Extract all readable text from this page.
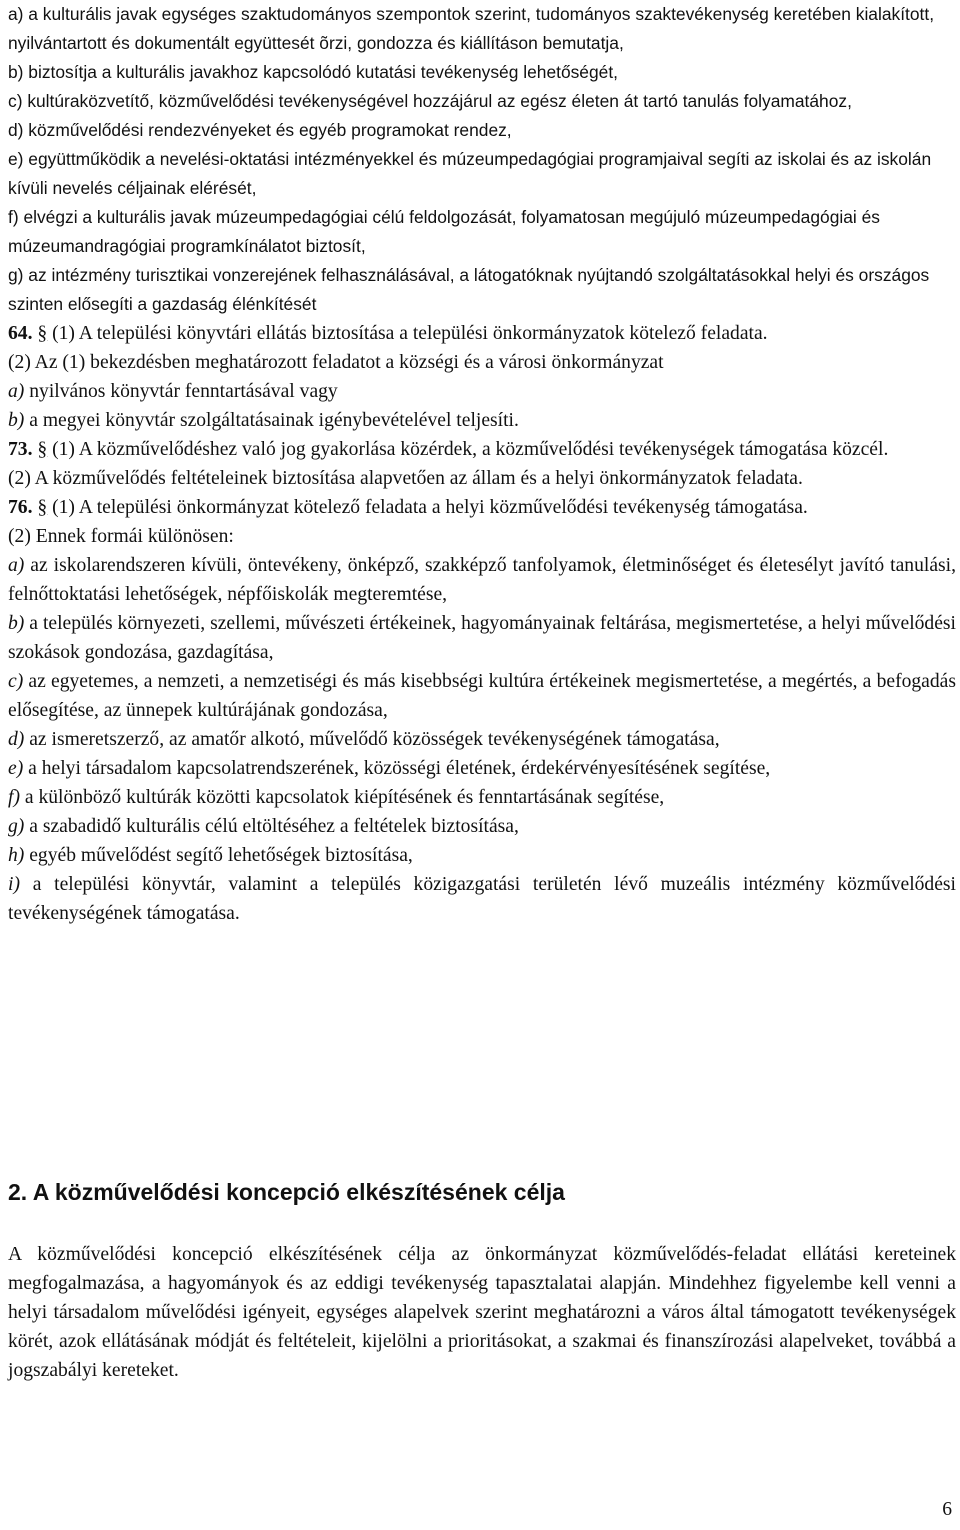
a) a kulturális javak egységes szaktudományos szempontok szerint, tudományos szaktevékenység keretében kialakított, nyilvántartott és dokumentált együttesét õrzi, gondozza és kiállításon bemutatja,

b) biztosítja a kulturális javakhoz kapcsolódó kutatási tevékenység lehetőségét,

c) kultúraközvetítő, közművelődési tevékenységével hozzájárul az egész életen át tartó tanulás folyamatához,

d) közművelődési rendezvényeket és egyéb programokat rendez,

e) együttműködik a nevelési-oktatási intézményekkel és múzeumpedagógiai programjaival segíti az iskolai és az iskolán kívüli nevelés céljainak elérését,

f) elvégzi a kulturális javak múzeumpedagógiai célú feldolgozását, folyamatosan megújuló múzeumpedagógiai és múzeumandragógiai programkínálatot biztosít,

g) az intézmény turisztikai vonzerejének felhasználásával, a látogatóknak nyújtandó szolgáltatásokkal helyi és országos szinten elősegíti a gazdaság élénkítését

64. § (1) A települési könyvtári ellátás biztosítása a települési önkormányzatok kötelező feladata.

(2) Az (1) bekezdésben meghatározott feladatot a községi és a városi önkormányzat

a) nyilvános könyvtár fenntartásával vagy

b) a megyei könyvtár szolgáltatásainak igénybevételével teljesíti.

73. § (1) A közművelődéshez való jog gyakorlása közérdek, a közművelődési tevékenységek támogatása közcél.

(2) A közművelődés feltételeinek biztosítása alapvetően az állam és a helyi önkormányzatok feladata.

76. § (1) A települési önkormányzat kötelező feladata a helyi közművelődési tevékenység támogatása.

(2) Ennek formái különösen:

a) az iskolarendszeren kívüli, öntevékeny, önképző, szakképző tanfolyamok, életminőséget és életesélyt javító tanulási, felnőttoktatási lehetőségek, népfőiskolák megteremtése,

b) a település környezeti, szellemi, művészeti értékeinek, hagyományainak feltárása, megismertetése, a helyi művelődési szokások gondozása, gazdagítása,

c) az egyetemes, a nemzeti, a nemzetiségi és más kisebbségi kultúra értékeinek megismertetése, a megértés, a befogadás elősegítése, az ünnepek kultúrájának gondozása,

d) az ismeretszerző, az amatőr alkotó, művelődő közösségek tevékenységének támogatása,

e) a helyi társadalom kapcsolatrendszerének, közösségi életének, érdekérvényesítésének segítése,

f) a különböző kultúrák közötti kapcsolatok kiépítésének és fenntartásának segítése,

g) a szabadidő kulturális célú eltöltéséhez a feltételek biztosítása,

h) egyéb művelődést segítő lehetőségek biztosítása,

i) a települési könyvtár, valamint a település közigazgatási területén lévő muzeális intézmény közművelődési tevékenységének támogatása.

2. A közművelődési koncepció elkészítésének célja

A közművelődési koncepció elkészítésének célja az önkormányzat közművelődés-feladat ellátási kereteinek megfogalmazása, a hagyományok és az eddigi tevékenység tapasztalatai alapján. Mindehhez figyelembe kell venni a helyi társadalom művelődési igényeit, egységes alapelvek szerint meghatározni a város által támogatott tevékenységek körét, azok ellátásának módját és feltételeit, kijelölni a prioritásokat, a szakmai és finanszírozási alapelveket, továbbá a jogszabályi kereteket.

6
